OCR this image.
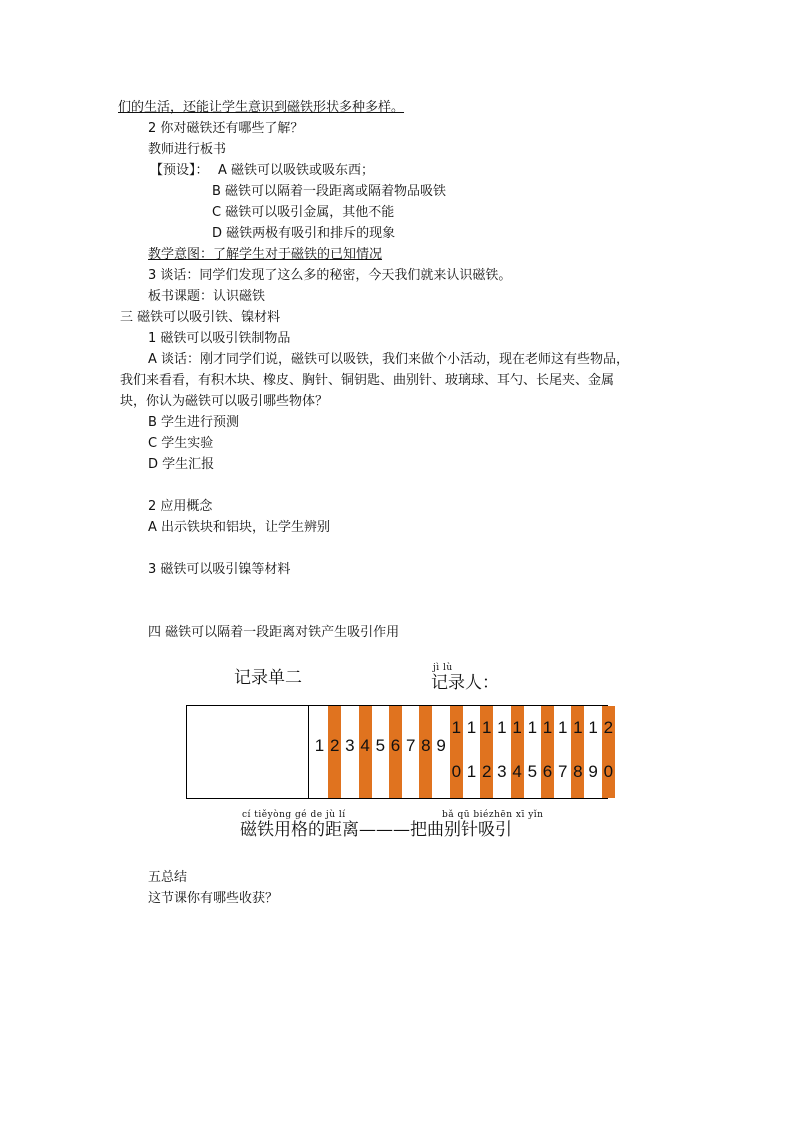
们的生活，还能让学生意识到磁铁形状多种多样。
2 你对磁铁还有哪些了解？
教师进行板书
【预设】： A 磁铁可以吸铁或吸东西；
B 磁铁可以隔着一段距离或隔着物品吸铁
C 磁铁可以吸引金属，其他不能
D 磁铁两极有吸引和排斥的现象
教学意图：了解学生对于磁铁的已知情况
3 谈话：同学们发现了这么多的秘密，今天我们就来认识磁铁。
板书课题：认识磁铁
三 磁铁可以吸引铁、镍材料
1 磁铁可以吸引铁制物品
A 谈话：刚才同学们说，磁铁可以吸铁，我们来做个小活动，现在老师这有些物品，
我们来看看，有积木块、橡皮、胸针、铜钥匙、曲别针、玻璃球、耳勺、长尾夹、金属
块，你认为磁铁可以吸引哪些物体？
B 学生进行预测
C 学生实验
D 学生汇报
2 应用概念
A 出示铁块和铝块，让学生辨别
3 磁铁可以吸引镍等材料
四 磁铁可以隔着一段距离对铁产生吸引作用
记录单二	jì lù
记录人：
1 2 3 4 5 6 7 8 9
1
0
1
1
1
2
1
3
1
4
1
5
1
6
1
7
1
8
1
9
2
0
cí tiěyòng gé de jù lí	bǎ qū biézhēn xī yǐn
磁铁用格的距离———把曲别针吸引
五总结
这节课你有哪些收获？
